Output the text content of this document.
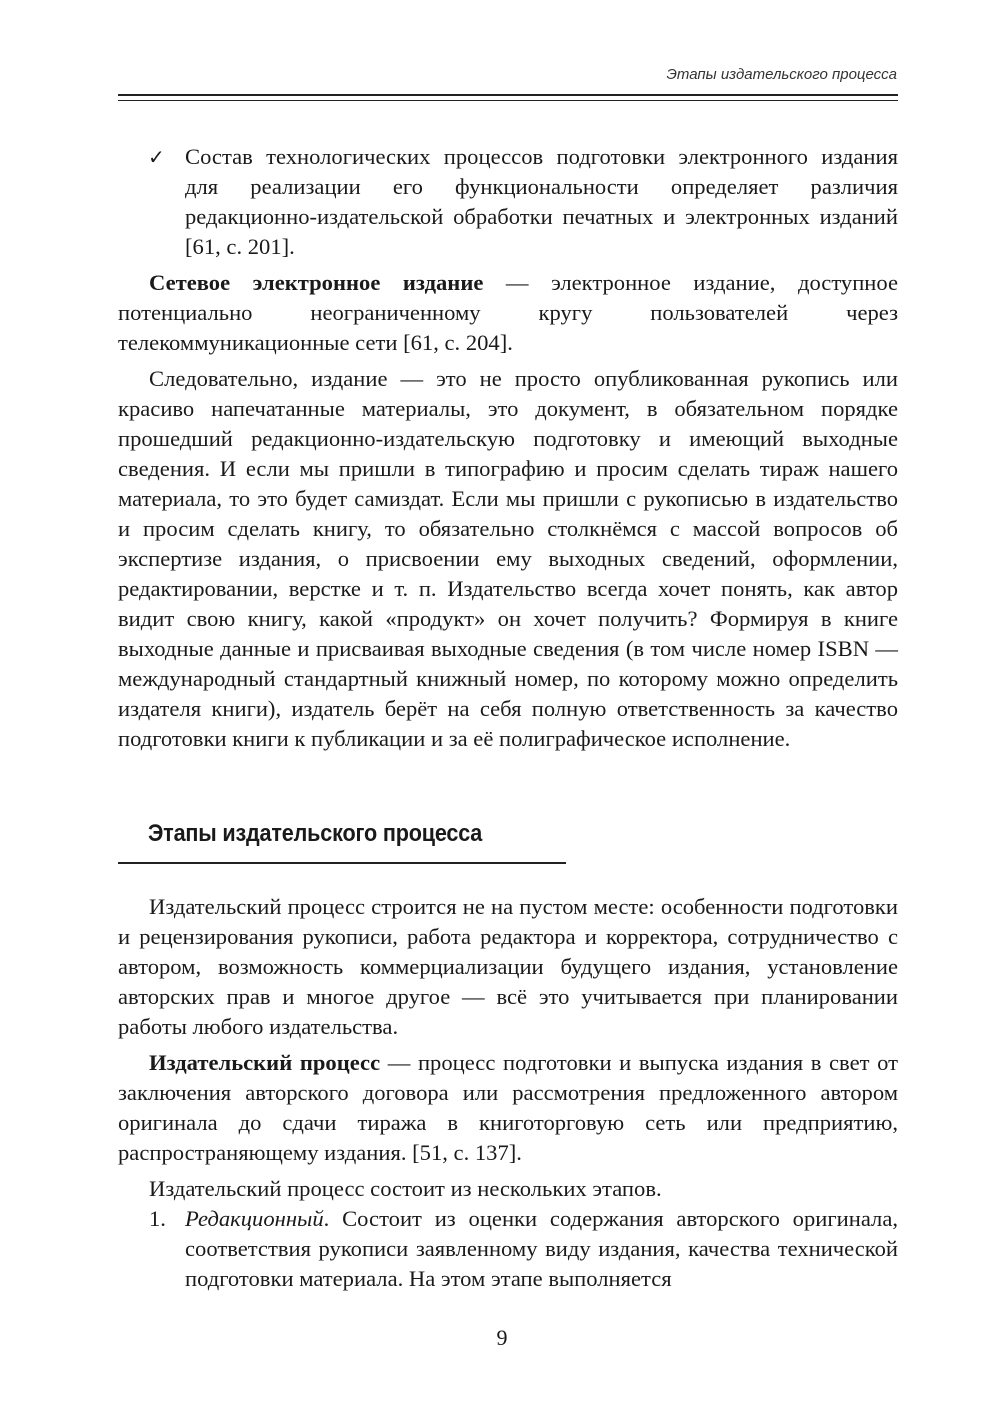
Этапы издательского процесса
✓ Состав технологических процессов подготовки электронного издания для реализации его функциональности определяет различия редакционно-издательской обработки печатных и электронных изданий [61, с. 201].

Сетевое электронное издание — электронное издание, доступное потенциально неограниченному кругу пользователей через телекоммуникационные сети [61, с. 204].

Следовательно, издание — это не просто опубликованная рукопись или красиво напечатанные материалы, это документ, в обязательном порядке прошедший редакционно-издательскую подготовку и имеющий выходные сведения. И если мы пришли в типографию и просим сделать тираж нашего материала, то это будет самиздат. Если мы пришли с рукописью в издательство и просим сделать книгу, то обязательно столкнёмся с массой вопросов об экспертизе издания, о присвоении ему выходных сведений, оформлении, редактировании, верстке и т. п. Издательство всегда хочет понять, как автор видит свою книгу, какой «продукт» он хочет получить? Формируя в книге выходные данные и присваивая выходные сведения (в том числе номер ISBN — международный стандартный книжный номер, по которому можно определить издателя книги), издатель берёт на себя полную ответственность за качество подготовки книги к публикации и за её полиграфическое исполнение.

Этапы издательского процесса

Издательский процесс строится не на пустом месте: особенности подготовки и рецензирования рукописи, работа редактора и корректора, сотрудничество с автором, возможность коммерциализации будущего издания, установление авторских прав и многое другое — всё это учитывается при планировании работы любого издательства.

Издательский процесс — процесс подготовки и выпуска издания в свет от заключения авторского договора или рассмотрения предложенного автором оригинала до сдачи тиража в книготорговую сеть или предприятию, распространяющему издания. [51, с. 137].

Издательский процесс состоит из нескольких этапов.

1. Редакционный. Состоит из оценки содержания авторского оригинала, соответствия рукописи заявленному виду издания, качества технической подготовки материала. На этом этапе выполняется
9
